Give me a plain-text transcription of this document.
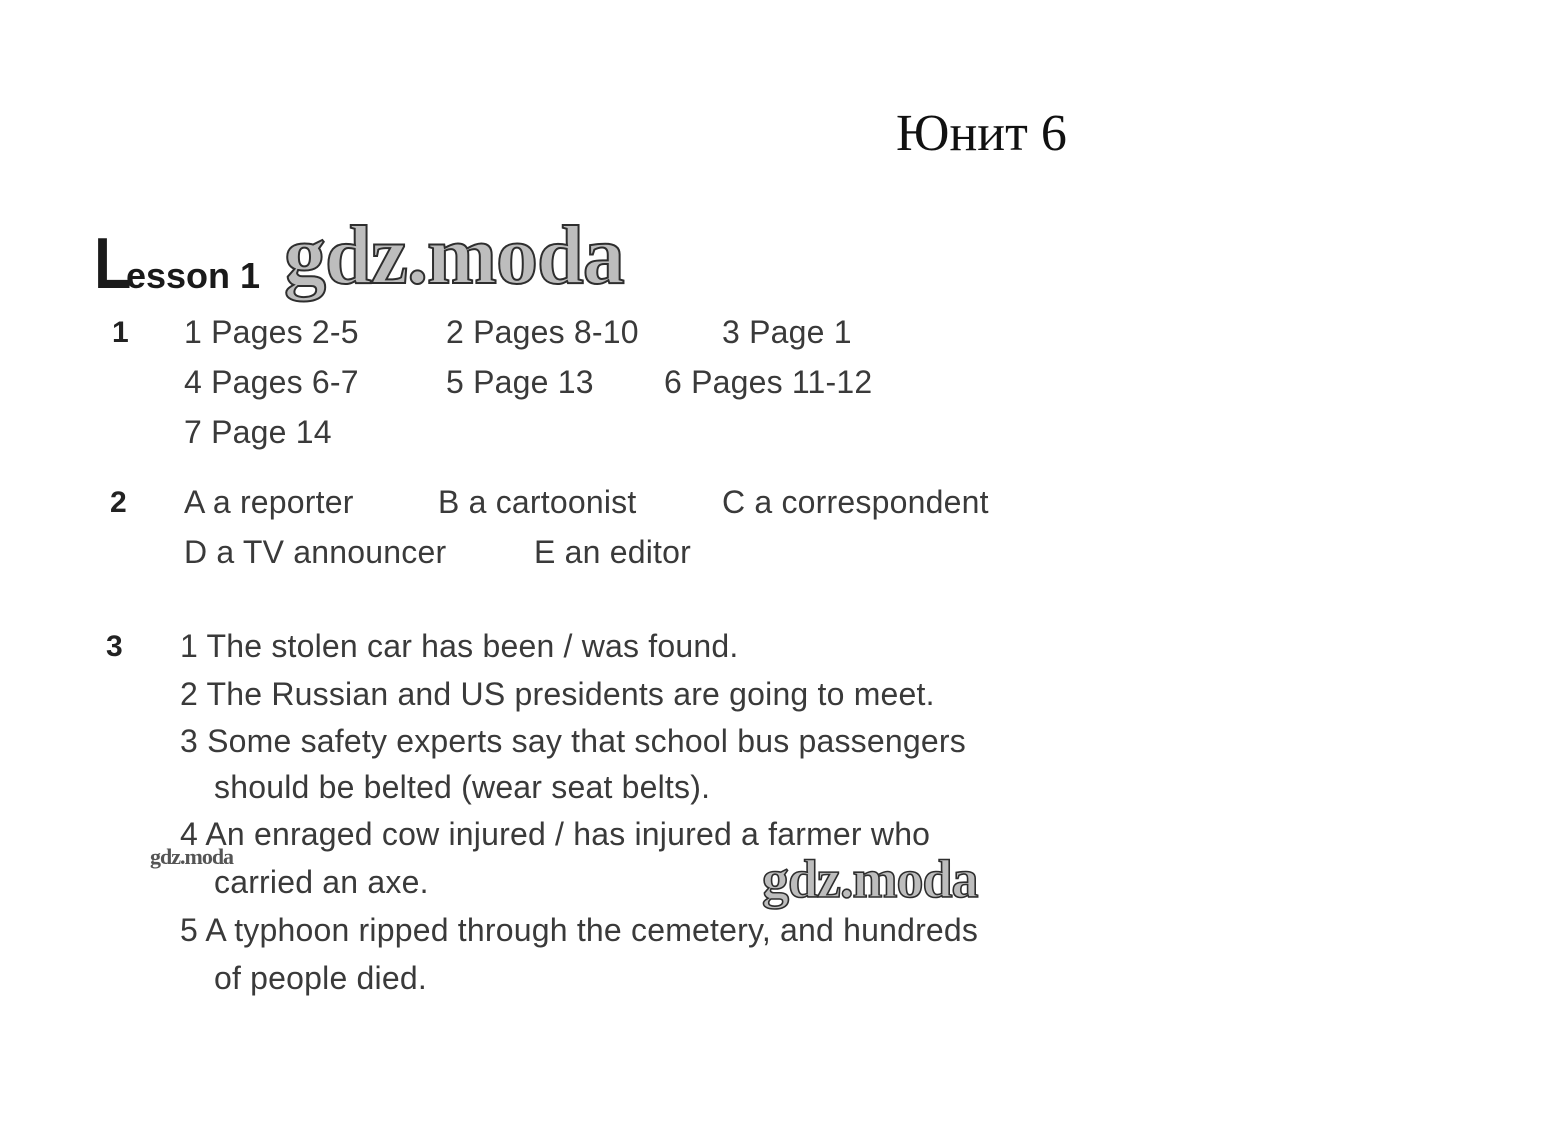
Юнит 6
Lesson 1
1 1 Pages 2-5	2 Pages 8-10	3 Page 1
4 Pages 6-7	5 Page 13 6 Pages 11-12
7 Page 14
2 A a reporter	B a cartoonist	C a correspondent
D a TV announcer	E an editor
3 1 The stolen car has been / was found.
2 The Russian and US presidents are going to meet.
3 Some safety experts say that school bus passengers
should be belted (wear seat belts).
4 An enraged cow injured / has injured a farmer who
carried an axe.
5 A typhoon ripped through the cemetery, and hundreds
of people died.
gdz.moda
gdz.moda
gdz.moda
